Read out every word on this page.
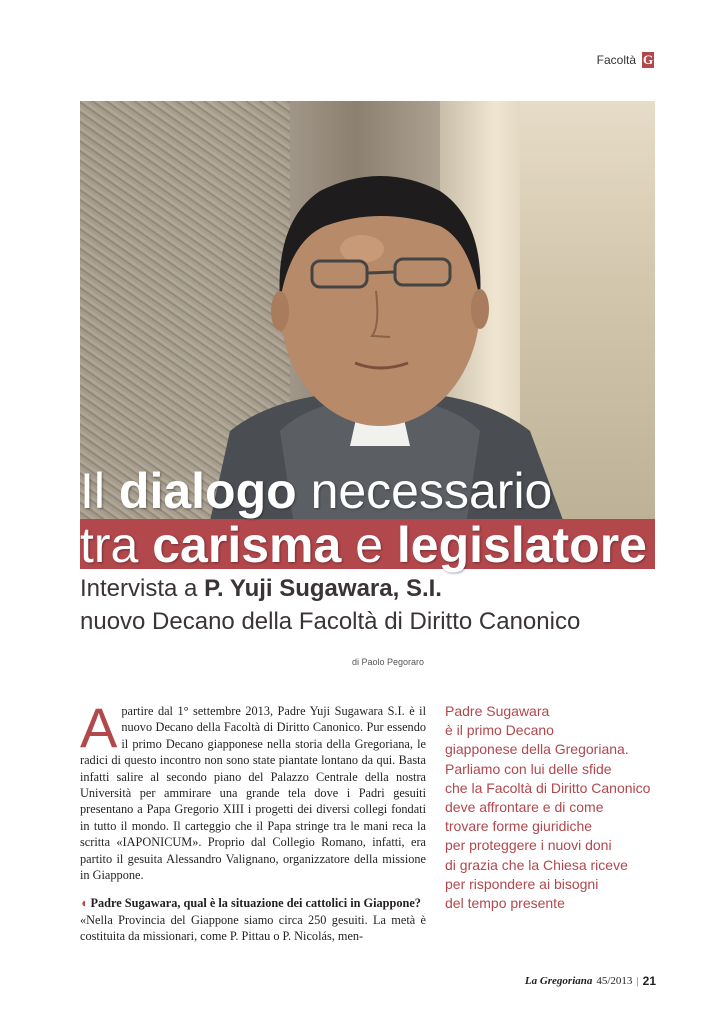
Facoltà G
Il dialogo necessario
tra carisma e legislatore
Intervista a P. Yuji Sugawara, S.I.
nuovo Decano della Facoltà di Diritto Canonico
di Paolo Pegoraro
A partire dal 1° settembre 2013, Padre Yuji Sugawara S.I. è il nuovo Decano della Facoltà di Diritto Canonico. Pur essendo il primo Decano giapponese nella storia della Gregoriana, le radici di questo incontro non sono state piantate lontano da qui. Basta infatti salire al secondo piano del Palazzo Centrale della nostra Università per ammirare una grande tela dove i Padri gesuiti presentano a Papa Gregorio XIII i progetti dei diversi collegi fondati in tutto il mondo. Il carteggio che il Papa stringe tra le mani reca la scritta «IAPONICUM». Proprio dal Collegio Romano, infatti, era partito il gesuita Alessandro Valignano, organizzatore della missione in Giappone.
◖ Padre Sugawara, qual è la situazione dei cattolici in Giappone?
«Nella Provincia del Giappone siamo circa 250 gesuiti. La metà è costituita da missionari, come P. Pittau o P. Nicolás, men-
Padre Sugawara
è il primo Decano
giapponese della Gregoriana.
Parliamo con lui delle sfide
che la Facoltà di Diritto Canonico
deve affrontare e di come
trovare forme giuridiche
per proteggere i nuovi doni
di grazia che la Chiesa riceve
per rispondere ai bisogni
del tempo presente
La Gregoriana 45/2013 | 21
